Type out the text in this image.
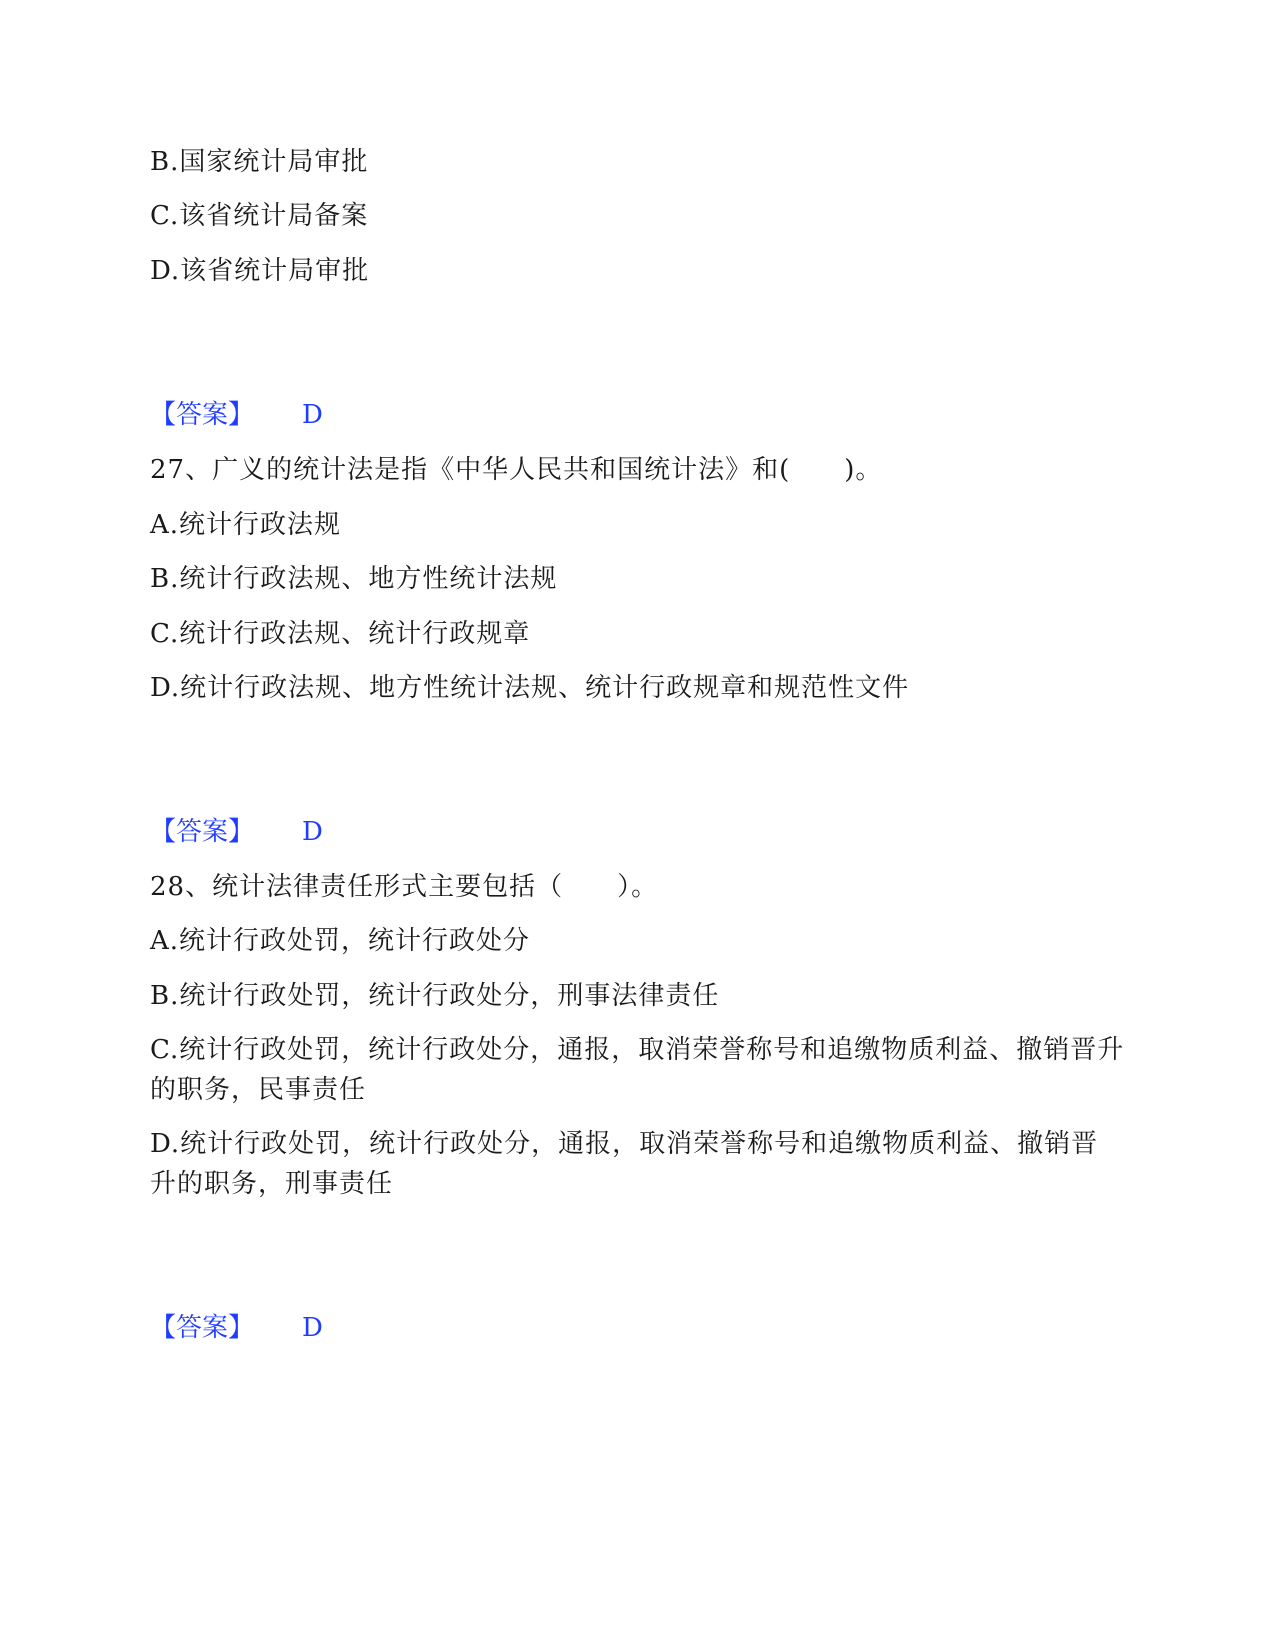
B.国家统计局审批
C.该省统计局备案
D.该省统计局审批
【答案】 D
27、广义的统计法是指《中华人民共和国统计法》和(　　)。
A.统计行政法规
B.统计行政法规、地方性统计法规
C.统计行政法规、统计行政规章
D.统计行政法规、地方性统计法规、统计行政规章和规范性文件
【答案】 D
28、统计法律责任形式主要包括（　　）。
A.统计行政处罚，统计行政处分
B.统计行政处罚，统计行政处分，刑事法律责任
C.统计行政处罚，统计行政处分，通报，取消荣誉称号和追缴物质利益、撤销晋升的职务，民事责任
D.统计行政处罚，统计行政处分，通报，取消荣誉称号和追缴物质利益、撤销晋升的职务，刑事责任
【答案】 D
